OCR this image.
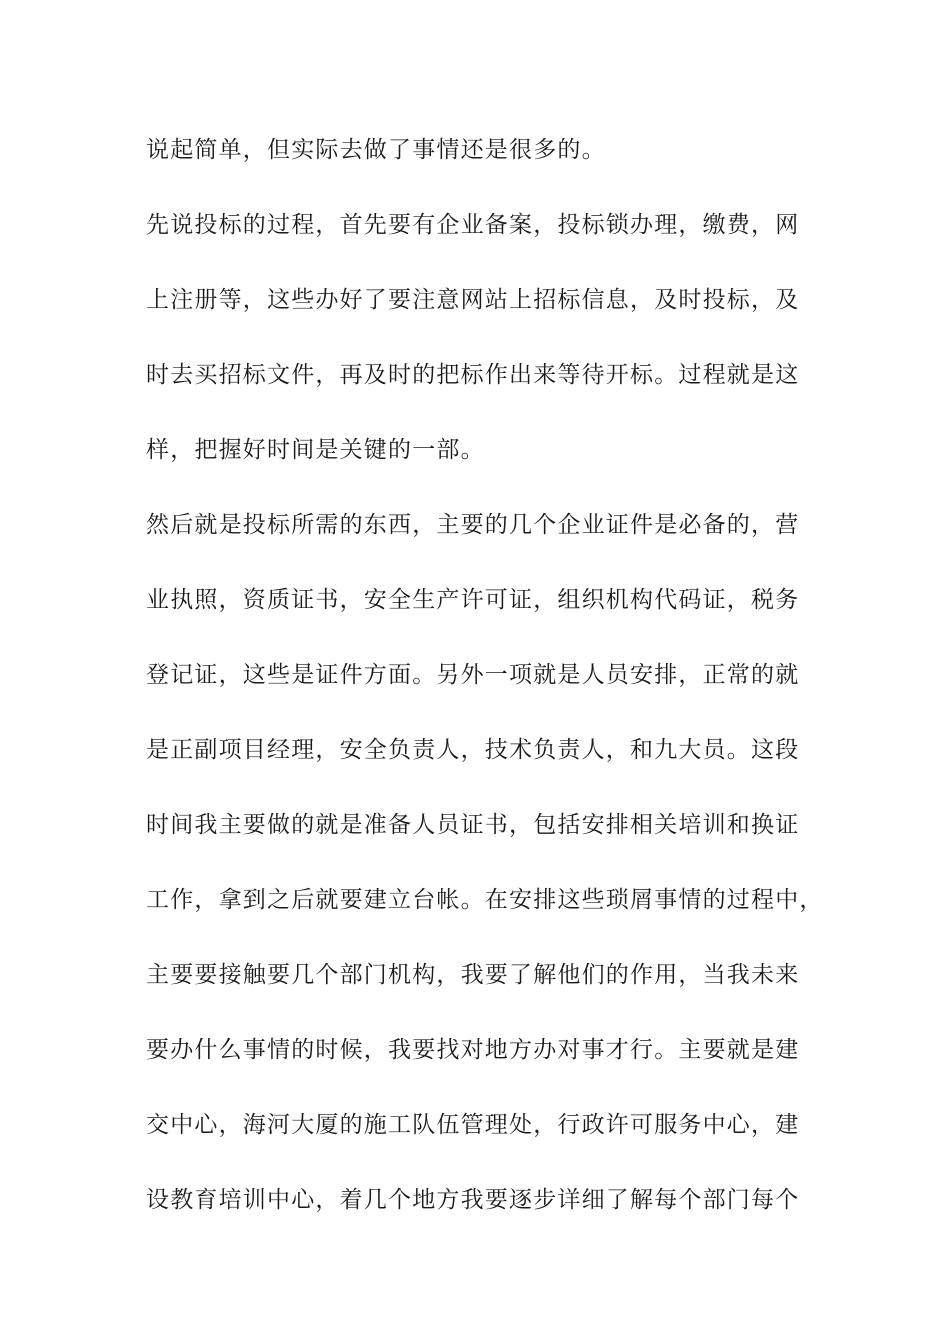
说起简单，但实际去做了事情还是很多的。
先说投标的过程，首先要有企业备案，投标锁办理，缴费，网
上注册等，这些办好了要注意网站上招标信息，及时投标，及
时去买招标文件，再及时的把标作出来等待开标。过程就是这
样，把握好时间是关键的一部。
然后就是投标所需的东西，主要的几个企业证件是必备的，营
业执照，资质证书，安全生产许可证，组织机构代码证，税务
登记证，这些是证件方面。另外一项就是人员安排，正常的就
是正副项目经理，安全负责人，技术负责人，和九大员。这段
时间我主要做的就是准备人员证书，包括安排相关培训和换证
工作，拿到之后就要建立台帐。在安排这些琐屑事情的过程中，
主要要接触要几个部门机构，我要了解他们的作用，当我未来
要办什么事情的时候，我要找对地方办对事才行。主要就是建
交中心，海河大厦的施工队伍管理处，行政许可服务中心，建
设教育培训中心，着几个地方我要逐步详细了解每个部门每个
